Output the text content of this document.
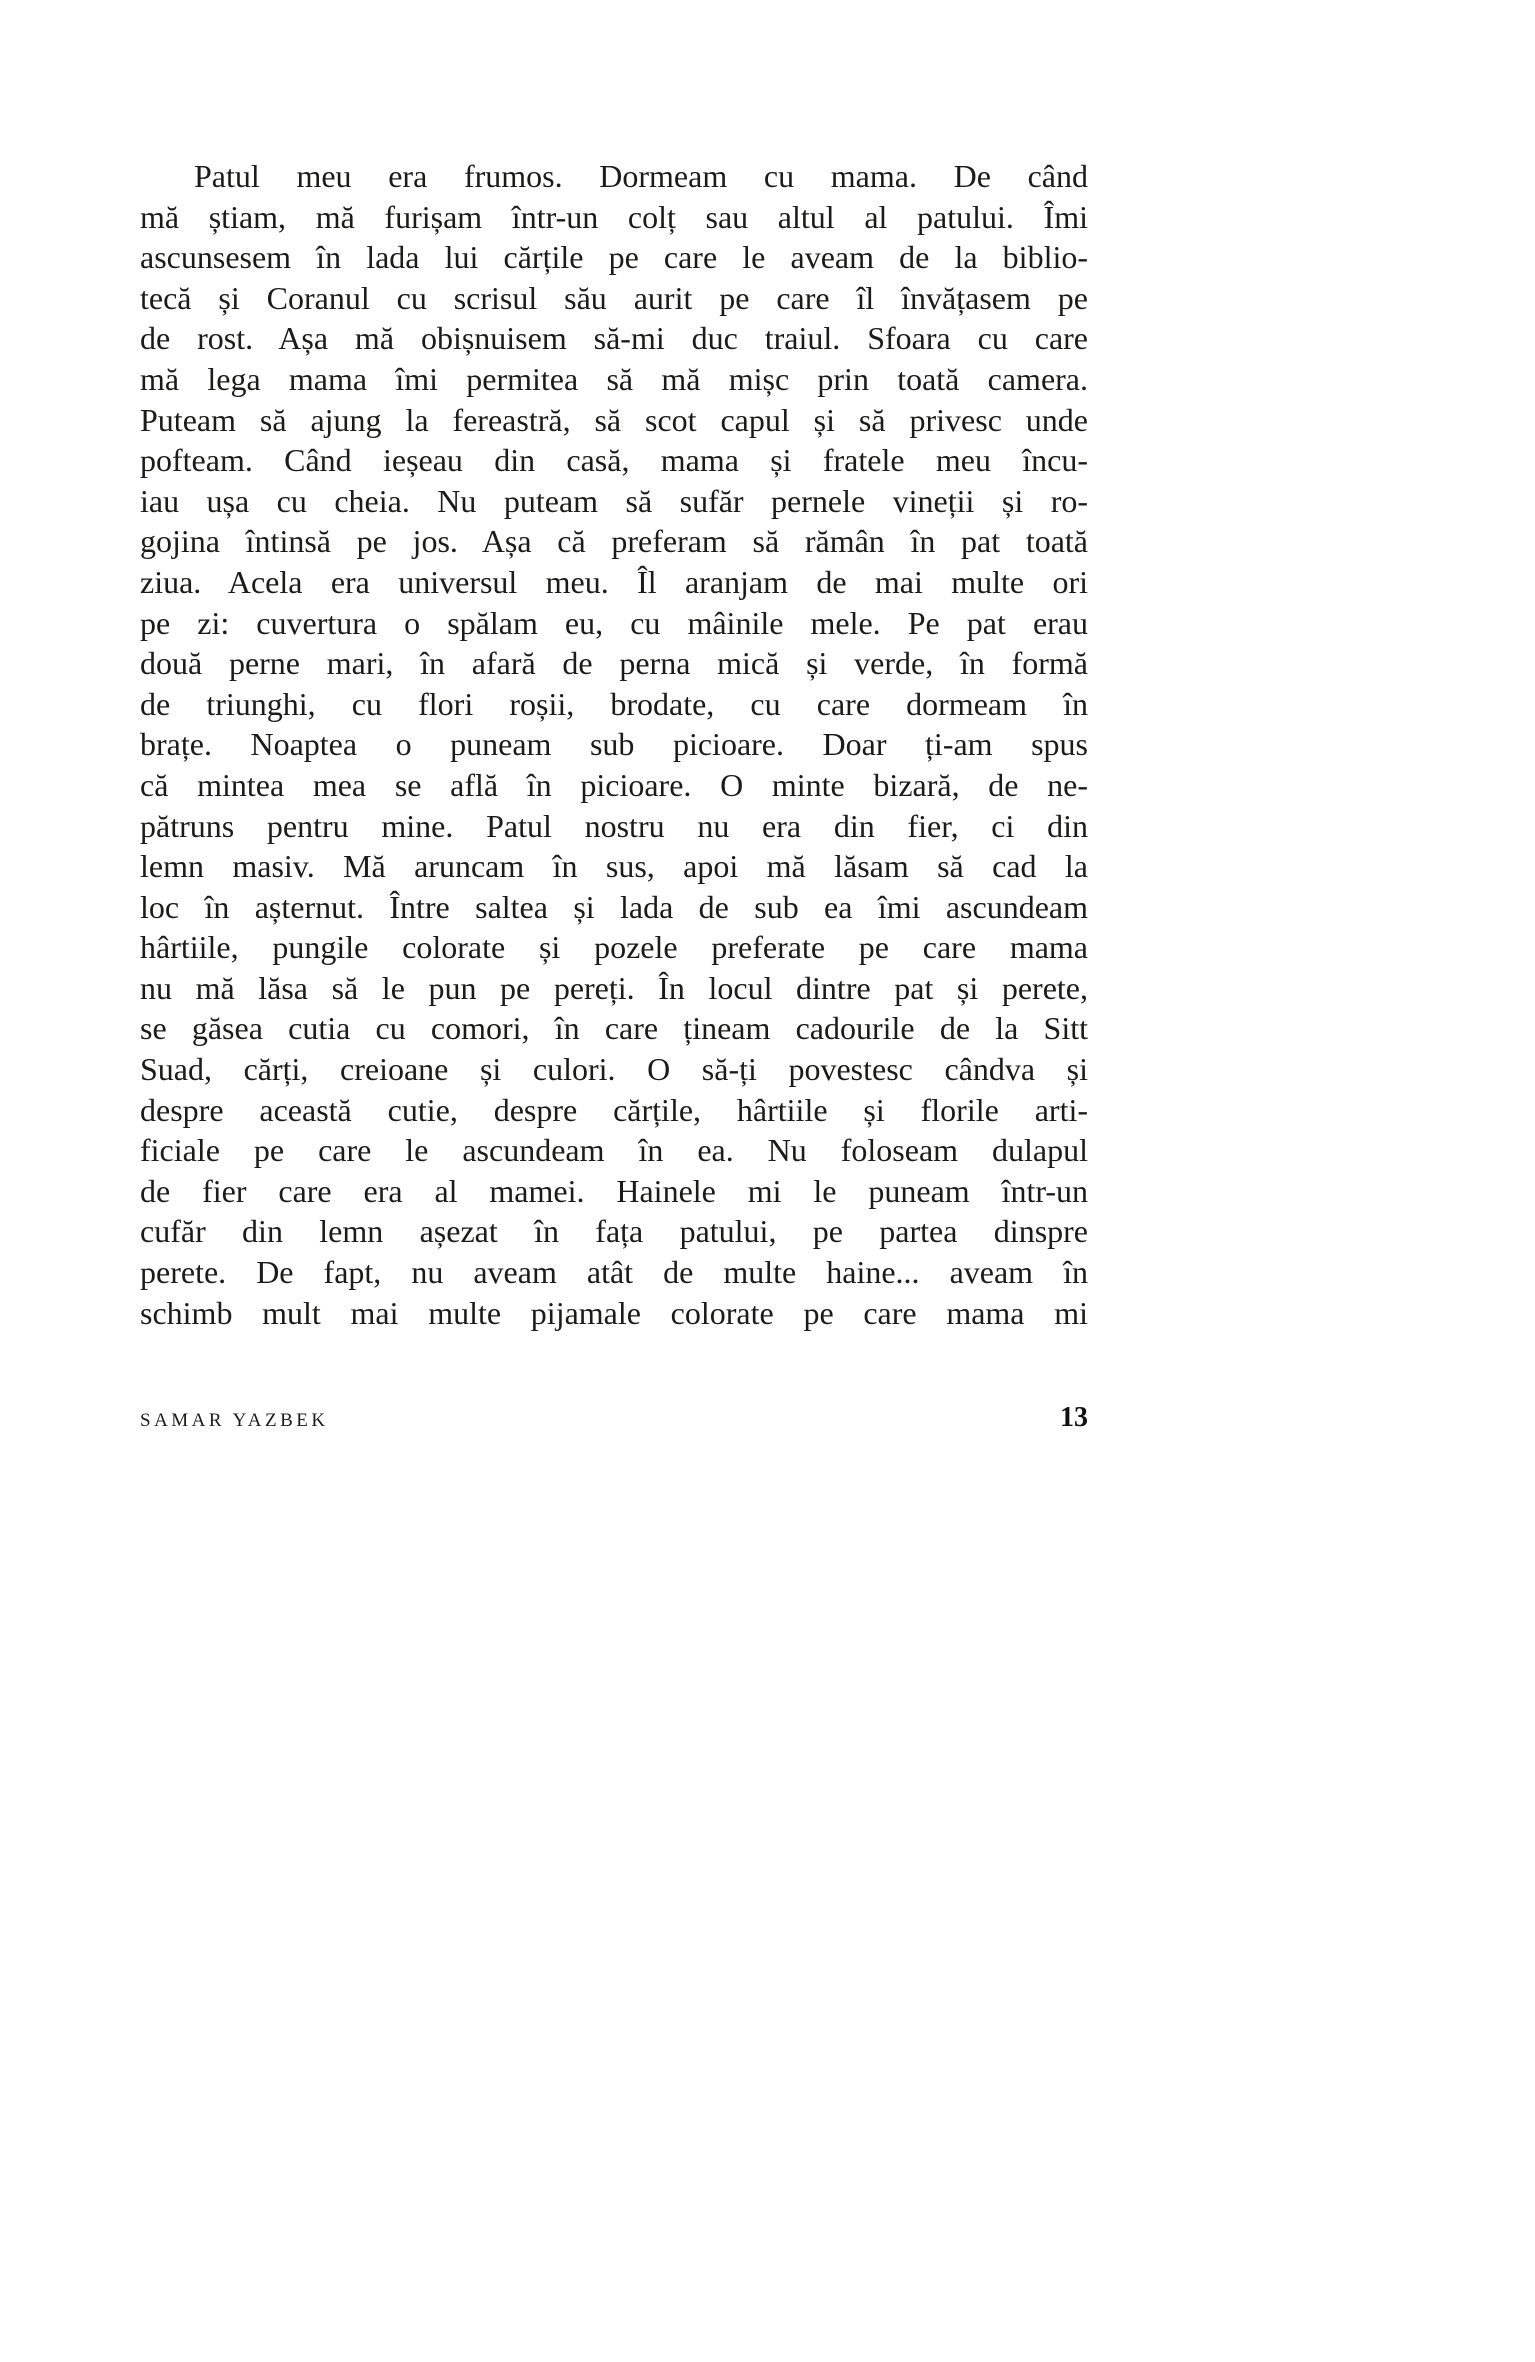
Patul meu era frumos. Dormeam cu mama. De când
mă știam, mă furișam într-un colț sau altul al patului. Îmi
ascunsesem în lada lui cărțile pe care le aveam de la biblio-
tecă și Coranul cu scrisul său aurit pe care îl învățasem pe
de rost. Așa mă obișnuisem să-mi duc traiul. Sfoara cu care
mă lega mama îmi permitea să mă mișc prin toată camera.
Puteam să ajung la fereastră, să scot capul și să privesc unde
pofteam. Când ieșeau din casă, mama și fratele meu încu-
iau ușa cu cheia. Nu puteam să sufăr pernele vineții și ro-
gojina întinsă pe jos. Așa că preferam să rămân în pat toată
ziua. Acela era universul meu. Îl aranjam de mai multe ori
pe zi: cuvertura o spălam eu, cu mâinile mele. Pe pat erau
două perne mari, în afară de perna mică și verde, în formă
de triunghi, cu flori roșii, brodate, cu care dormeam în
brațe. Noaptea o puneam sub picioare. Doar ți-am spus
că mintea mea se află în picioare. O minte bizară, de ne-
pătruns pentru mine. Patul nostru nu era din fier, ci din
lemn masiv. Mă aruncam în sus, apoi mă lăsam să cad la
loc în așternut. Între saltea și lada de sub ea îmi ascundeam
hârtiile, pungile colorate și pozele preferate pe care mama
nu mă lăsa să le pun pe pereți. În locul dintre pat și perete,
se găsea cutia cu comori, în care țineam cadourile de la Sitt
Suad, cărți, creioane și culori. O să-ți povestesc cândva și
despre această cutie, despre cărțile, hârtiile și florile arti-
ficiale pe care le ascundeam în ea. Nu foloseam dulapul
de fier care era al mamei. Hainele mi le puneam într-un
cufăr din lemn așezat în fața patului, pe partea dinspre
perete. De fapt, nu aveam atât de multe haine... aveam în
schimb mult mai multe pijamale colorate pe care mama mi
SAMAR YAZBEK	13
